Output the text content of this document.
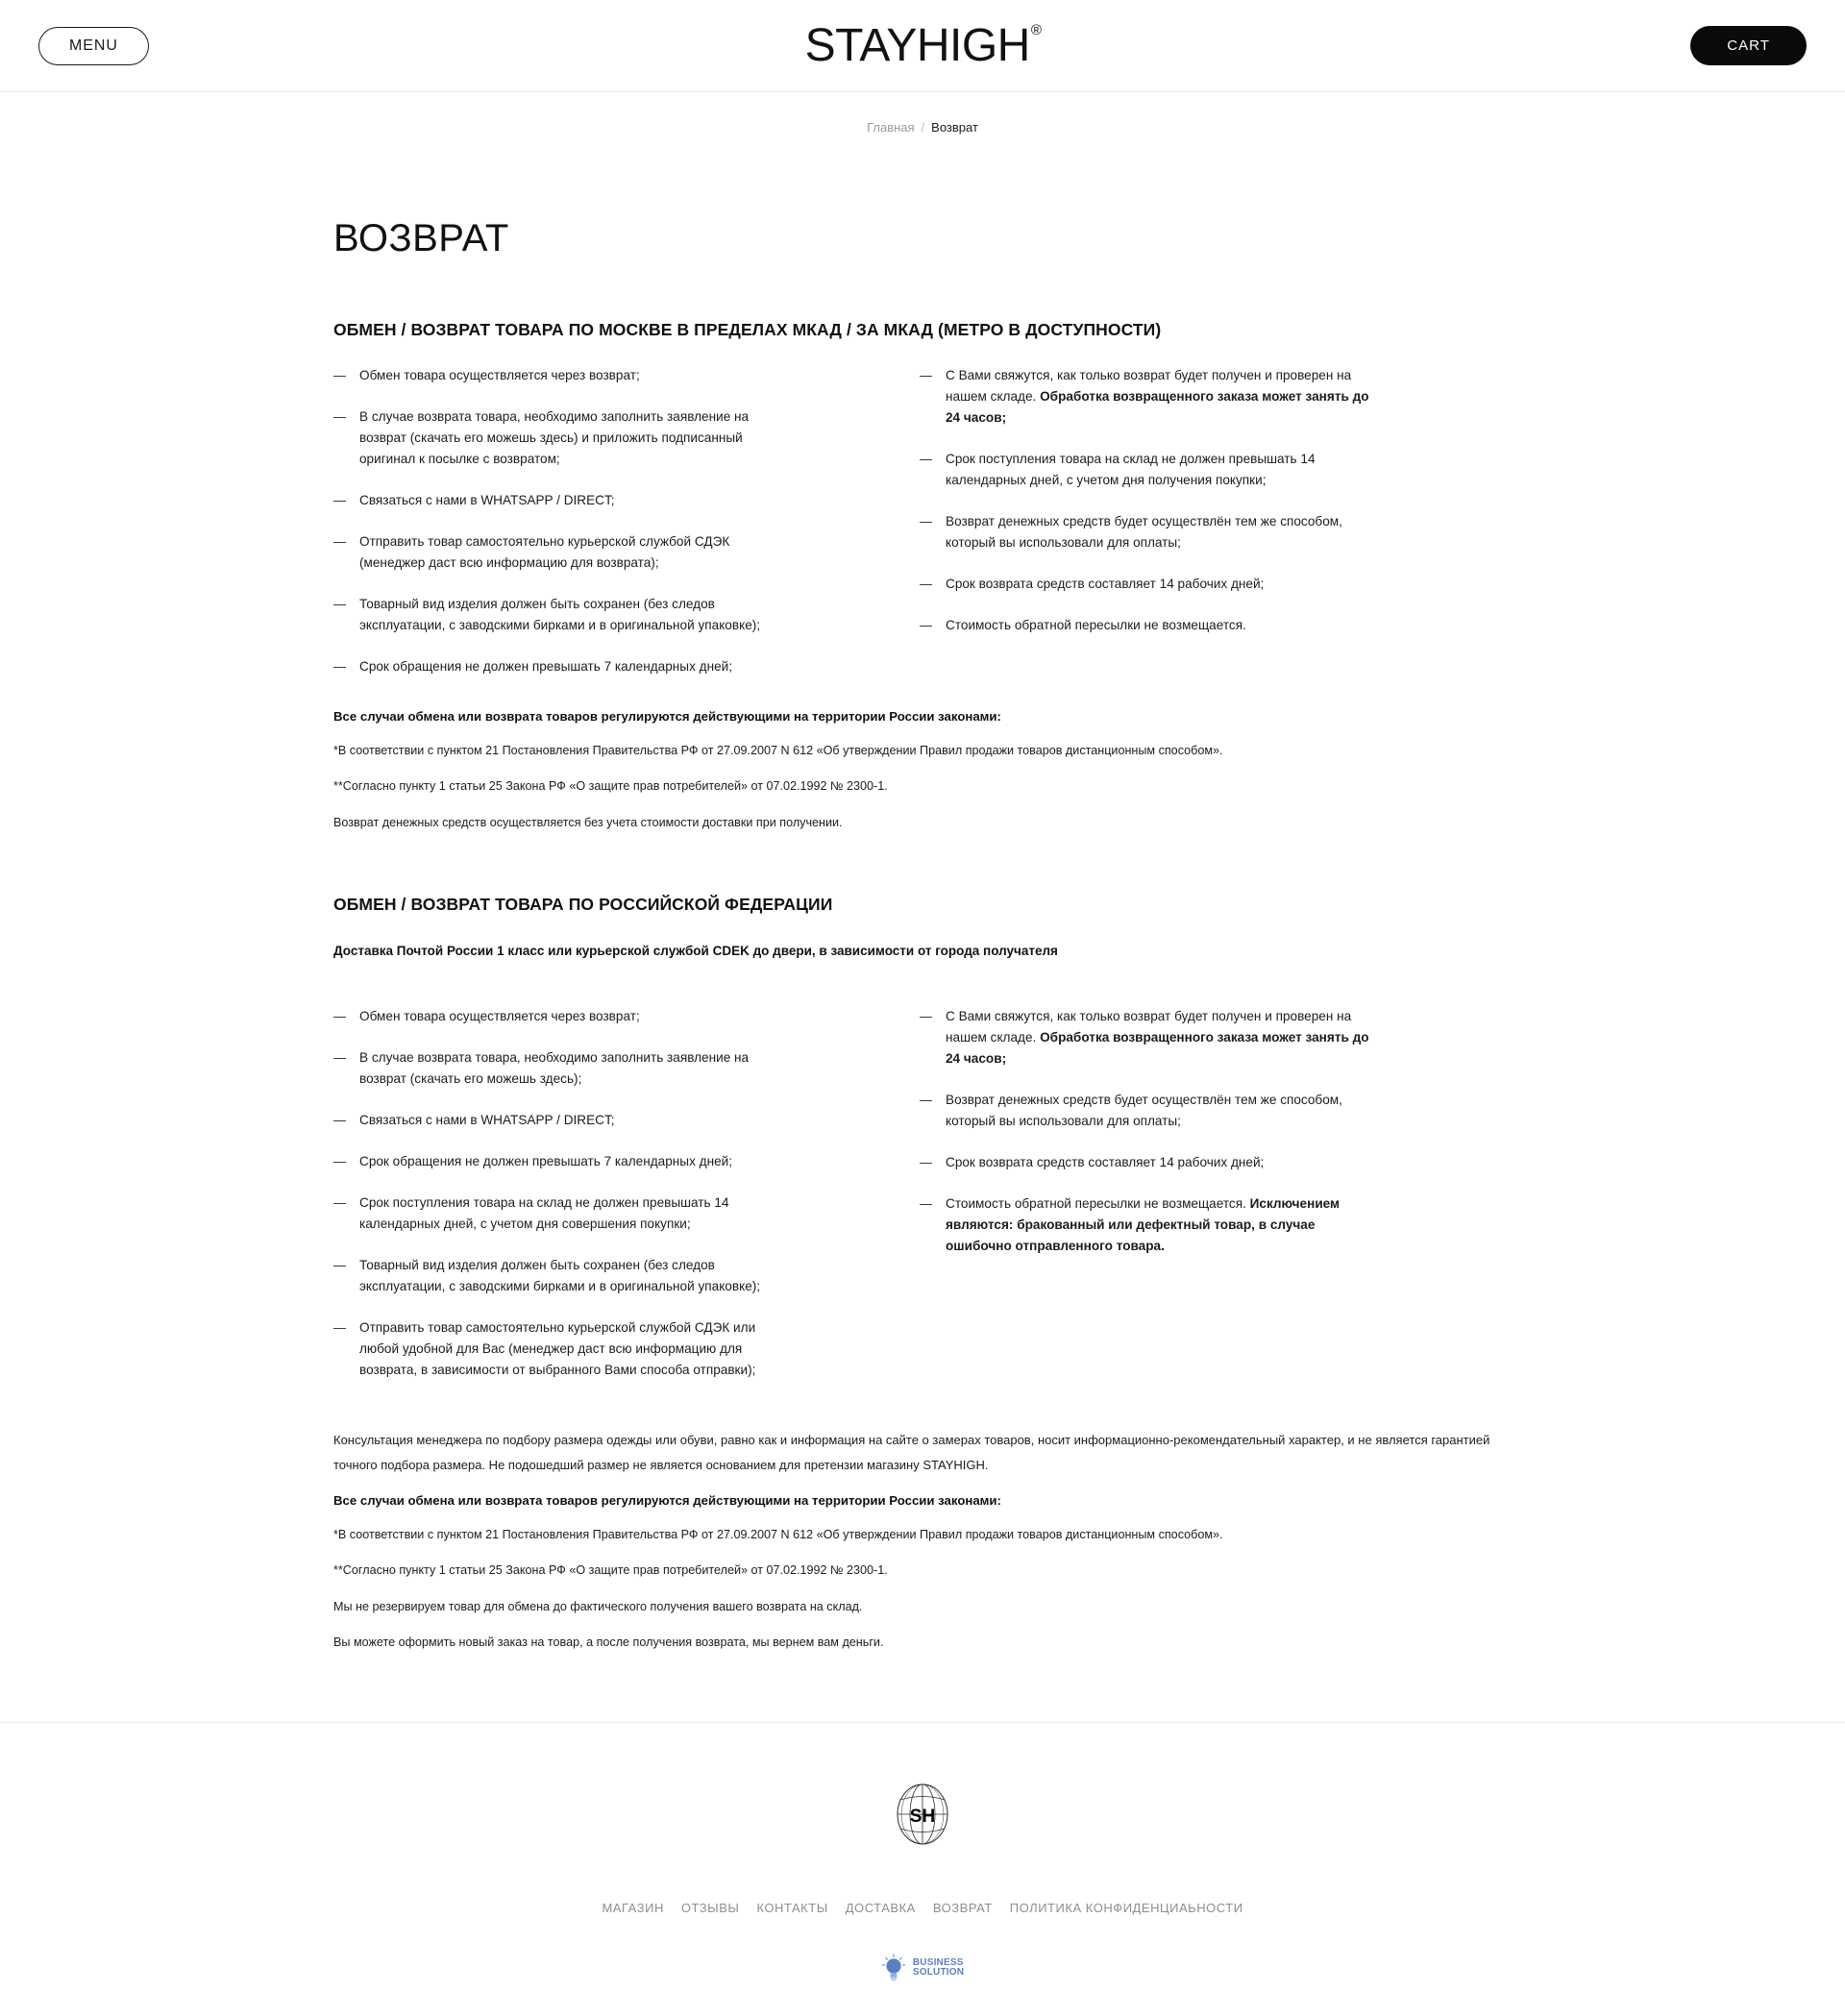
MENU	STAYHIGH®
CART
Главная / Возврат
ВОЗВРАТ
ОБМЕН / ВОЗВРАТ ТОВАРА ПО МОСКВЕ В ПРЕДЕЛАХ МКАД / ЗА МКАД (МЕТРО В ДОСТУПНОСТИ)
— Обмен товара осуществляется через возврат;
— В случае возврата товара, необходимо заполнить заявление на возврат (скачать его можешь здесь) и приложить подписанный оригинал к посылке с возвратом;
— Связаться с нами в WHATSAPP / DIRECT;
— Отправить товар самостоятельно курьерской службой СДЭК (менеджер даст всю информацию для возврата);
— Товарный вид изделия должен быть сохранен (без следов эксплуатации, с заводскими бирками и в оригинальной упаковке);
— Срок обращения не должен превышать 7 календарных дней;
— С Вами свяжутся, как только возврат будет получен и проверен на нашем складе. Обработка возвращенного заказа может занять до 24 часов;
— Срок поступления товара на склад не должен превышать 14 календарных дней, с учетом дня получения покупки;
— Возврат денежных средств будет осуществлён тем же способом, который вы использовали для оплаты;
— Срок возврата средств составляет 14 рабочих дней;
— Стоимость обратной пересылки не возмещается.

Все случаи обмена или возврата товаров регулируются действующими на территории России законами:

*В соответствии с пунктом 21 Постановления Правительства РФ от 27.09.2007 N 612 «Об утверждении Правил продажи товаров дистанционным способом».

**Согласно пункту 1 статьи 25 Закона РФ «О защите прав потребителей» от 07.02.1992 № 2300-1.

Возврат денежных средств осуществляется без учета стоимости доставки при получении.

ОБМЕН / ВОЗВРАТ ТОВАРА ПО РОССИЙСКОЙ ФЕДЕРАЦИИ

Доставка Почтой России 1 класс или курьерской службой CDEK до двери, в зависимости от города получателя

— Обмен товара осуществляется через возврат;
— В случае возврата товара, необходимо заполнить заявление на возврат (скачать его можешь здесь);
— Связаться с нами в WHATSAPP / DIRECT;
— Срок обращения не должен превышать 7 календарных дней;
— Срок поступления товара на склад не должен превышать 14 календарных дней, с учетом дня совершения покупки;
— Товарный вид изделия должен быть сохранен (без следов эксплуатации, с заводскими бирками и в оригинальной упаковке);
— Отправить товар самостоятельно курьерской службой СДЭК или любой удобной для Вас (менеджер даст всю информацию для возврата, в зависимости от выбранного Вами способа отправки);
— С Вами свяжутся, как только возврат будет получен и проверен на нашем складе. Обработка возвращенного заказа может занять до 24 часов;
— Возврат денежных средств будет осуществлён тем же способом, который вы использовали для оплаты;
— Срок возврата средств составляет 14 рабочих дней;
— Стоимость обратной пересылки не возмещается. Исключением являются: бракованный или дефектный товар, в случае ошибочно отправленного товара.

Консультация менеджера по подбору размера одежды или обуви, равно как и информация на сайте о замерах товаров, носит информационно-рекомендательный характер, и не является гарантией точного подбора размера. Не подошедший размер не является основанием для претензии магазину STAYHIGH.

Все случаи обмена или возврата товаров регулируются действующими на территории России законами:

*В соответствии с пунктом 21 Постановления Правительства РФ от 27.09.2007 N 612 «Об утверждении Правил продажи товаров дистанционным способом».

**Согласно пункту 1 статьи 25 Закона РФ «О защите прав потребителей» от 07.02.1992 № 2300-1.

Мы не резервируем товар для обмена до фактического получения вашего возврата на склад.

Вы можете оформить новый заказ на товар, а после получения возврата, мы вернем вам деньги.

SH
МАГАЗИН ОТЗЫВЫ КОНТАКТЫ ДОСТАВКА ВОЗВРАТ ПОЛИТИКА КОНФИДЕНЦИАЬНОСТИ
BUSINESS
SOLUTION
